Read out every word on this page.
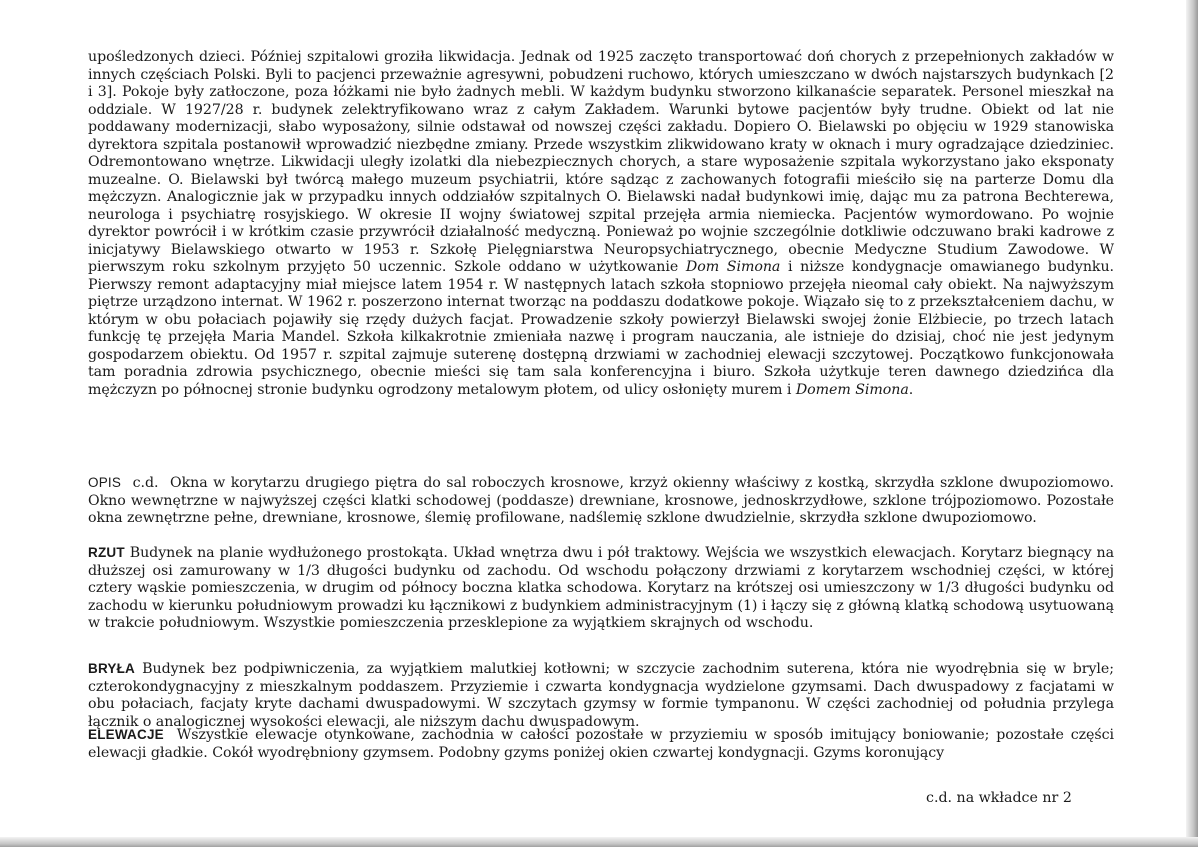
upośledzonych dzieci. Później szpitalowi groziła likwidacja. Jednak od 1925 zaczęto transportować doń chorych z przepełnionych zakładów w innych częściach Polski. Byli to pacjenci przeważnie agresywni, pobudzeni ruchowo, których umieszczano w dwóch najstarszych budynkach [2 i 3]. Pokoje były zatłoczone, poza łóżkami nie było żadnych mebli. W każdym budynku stworzono kilkanaście separatek. Personel mieszkał na oddziale. W 1927/28 r. budynek zelektryfikowano wraz z całym Zakładem. Warunki bytowe pacjentów były trudne. Obiekt od lat nie poddawany modernizacji, słabo wyposażony, silnie odstawał od nowszej części zakładu. Dopiero O. Bielawski po objęciu w 1929 stanowiska dyrektora szpitala postanowił wprowadzić niezbędne zmiany. Przede wszystkim zlikwidowano kraty w oknach i mury ogradzające dziedziniec. Odremontowano wnętrze. Likwidacji uległy izolatki dla niebezpiecznych chorych, a stare wyposażenie szpitala wykorzystano jako eksponaty muzealne. O. Bielawski był twórcą małego muzeum psychiatrii, które sądząc z zachowanych fotografii mieściło się na parterze Domu dla mężczyzn. Analogicznie jak w przypadku innych oddziałów szpitalnych O. Bielawski nadał budynkowi imię, dając mu za patrona Bechterewa, neurologa i psychiatrę rosyjskiego. W okresie II wojny światowej szpital przejęła armia niemiecka. Pacjentów wymordowano. Po wojnie dyrektor powrócił i w krótkim czasie przywrócił działalność medyczną. Ponieważ po wojnie szczególnie dotkliwie odczuwano braki kadrowe z inicjatywy Bielawskiego otwarto w 1953 r. Szkołę Pielęgniarstwa Neuropsychiatrycznego, obecnie Medyczne Studium Zawodowe. W pierwszym roku szkolnym przyjęto 50 uczennic. Szkole oddano w użytkowanie Dom Simona i niższe kondygnacje omawianego budynku. Pierwszy remont adaptacyjny miał miejsce latem 1954 r. W następnych latach szkoła stopniowo przejęła nieomal cały obiekt. Na najwyższym piętrze urządzono internat. W 1962 r. poszerzono internat tworząc na poddaszu dodatkowe pokoje. Wiązało się to z przekształceniem dachu, w którym w obu połaciach pojawiły się rzędy dużych facjat. Prowadzenie szkoły powierzył Bielawski swojej żonie Elżbiecie, po trzech latach funkcję tę przejęła Maria Mandel. Szkoła kilkakrotnie zmieniała nazwę i program nauczania, ale istnieje do dzisiaj, choć nie jest jedynym gospodarzem obiektu. Od 1957 r. szpital zajmuje suterenę dostępną drzwiami w zachodniej elewacji szczytowej. Początkowo funkcjonowała tam poradnia zdrowia psychicznego, obecnie mieści się tam sala konferencyjna i biuro. Szkoła użytkuje teren dawnego dziedzińca dla mężczyzn po północnej stronie budynku ogrodzony metalowym płotem, od ulicy osłonięty murem i Domem Simona.
OPIS c.d. Okna w korytarzu drugiego piętra do sal roboczych krosnowe, krzyż okienny właściwy z kostką, skrzydła szklone dwupoziomowo. Okno wewnętrzne w najwyższej części klatki schodowej (poddasze) drewniane, krosnowe, jednoskrzydłowe, szklone trójpoziomowo. Pozostałe okna zewnętrzne pełne, drewniane, krosnowe, ślemię profilowane, nadślemię szklone dwudzielnie, skrzydła szklone dwupoziomowo.
RZUT Budynek na planie wydłużonego prostokąta. Układ wnętrza dwu i pół traktowy. Wejścia we wszystkich elewacjach. Korytarz biegnący na dłuższej osi zamurowany w 1/3 długości budynku od zachodu. Od wschodu połączony drzwiami z korytarzem wschodniej części, w której cztery wąskie pomieszczenia, w drugim od północy boczna klatka schodowa. Korytarz na krótszej osi umieszczony w 1/3 długości budynku od zachodu w kierunku południowym prowadzi ku łącznikowi z budynkiem administracyjnym (1) i łączy się z główną klatką schodową usytuowaną w trakcie południowym. Wszystkie pomieszczenia przesklepione za wyjątkiem skrajnych od wschodu.
BRYŁA Budynek bez podpiwniczenia, za wyjątkiem malutkiej kotłowni; w szczycie zachodnim suterena, która nie wyodrębnia się w bryle; czterokondygnacyjny z mieszkalnym poddaszem. Przyziemie i czwarta kondygnacja wydzielone gzymsami. Dach dwuspadowy z facjatami w obu połaciach, facjaty kryte dachami dwuspadowymi. W szczytach gzymsy w formie tympanonu. W części zachodniej od południa przylega łącznik o analogicznej wysokości elewacji, ale niższym dachu dwuspadowym.
ELEWACJE Wszystkie elewacje otynkowane, zachodnia w całości pozostałe w przyziemiu w sposób imitujący boniowanie; pozostałe części elewacji gładkie. Cokół wyodrębniony gzymsem. Podobny gzyms poniżej okien czwartej kondygnacji. Gzyms koronujący
c.d. na wkładce nr 2
